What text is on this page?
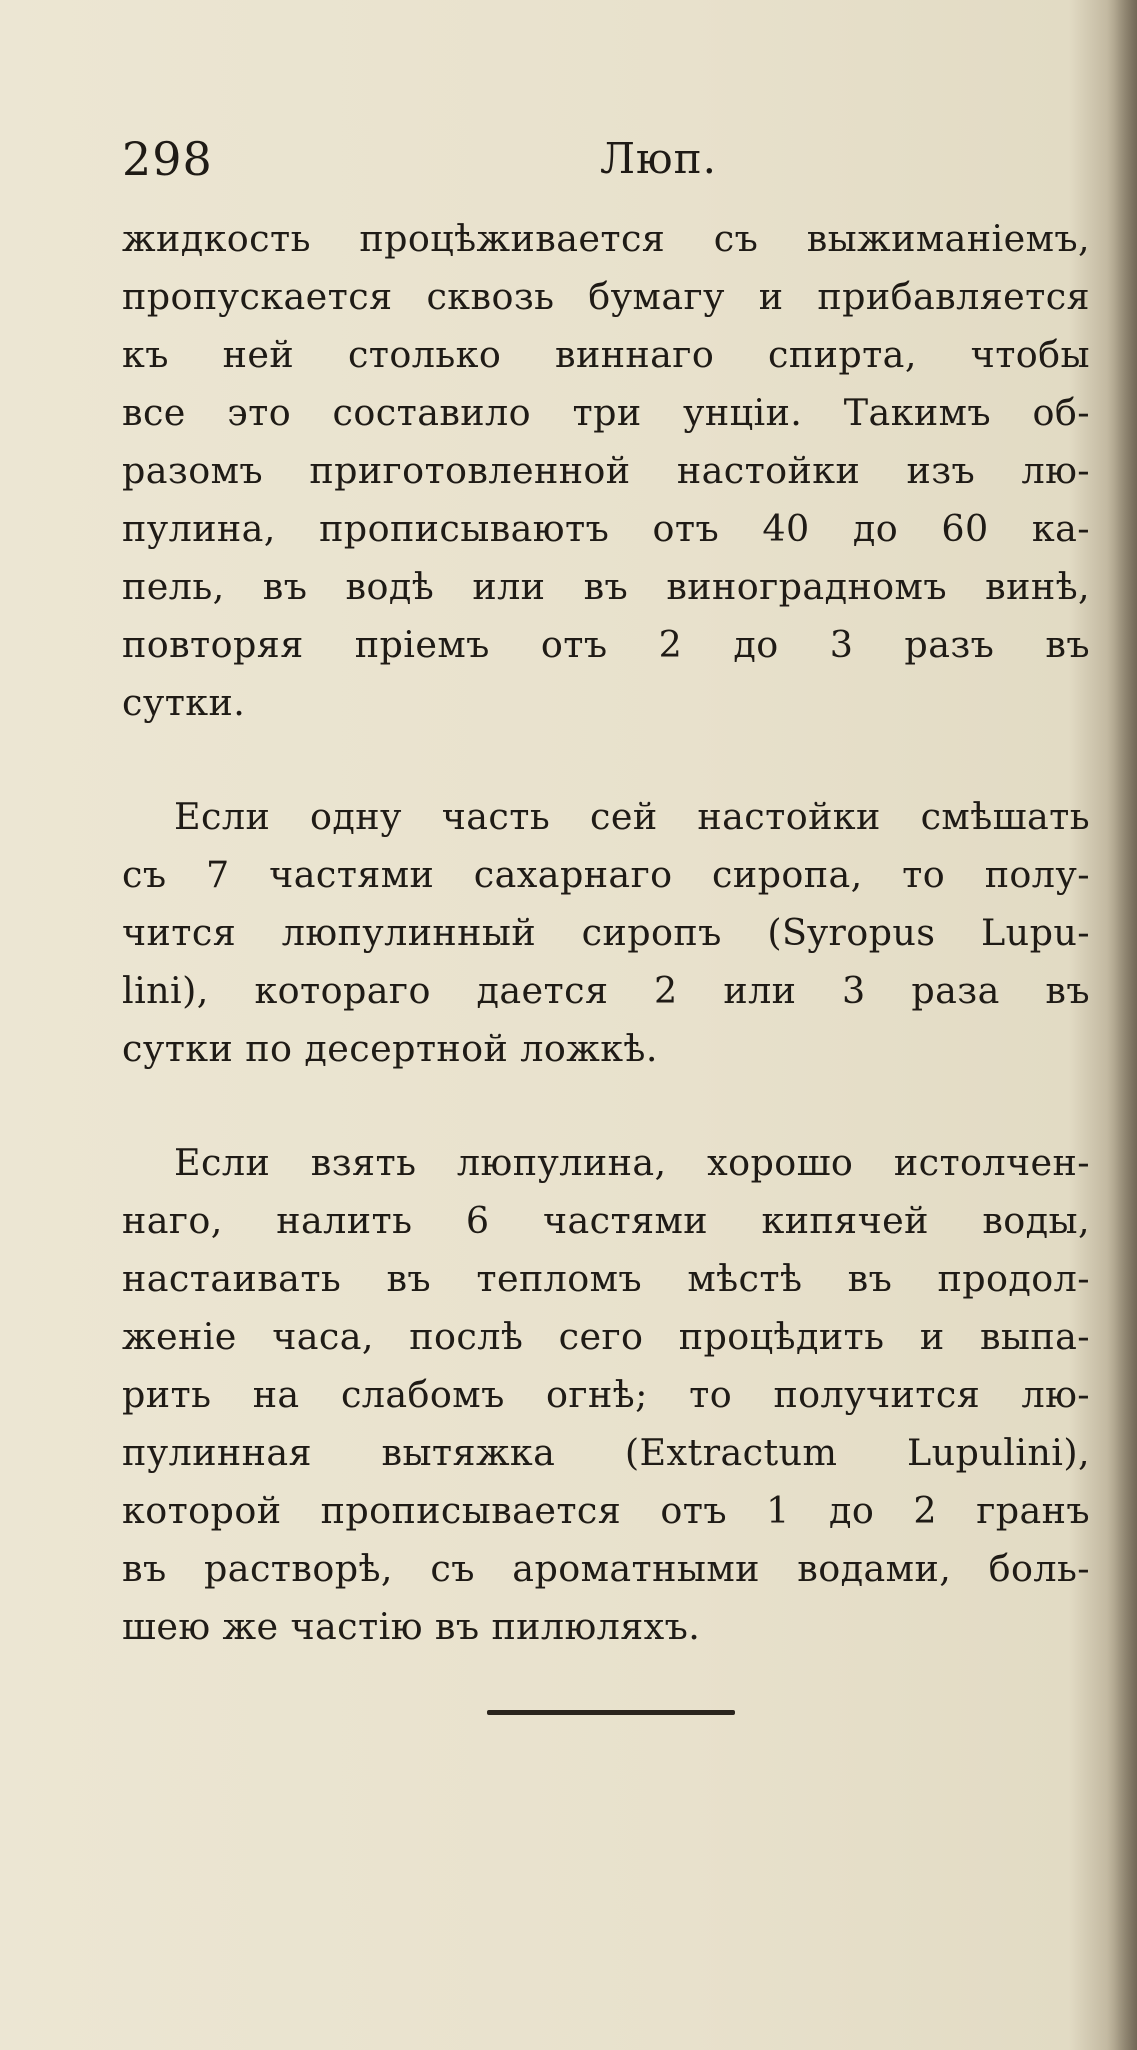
298	Люп.
жидкость процѣживается съ выжиманіемъ,
пропускается сквозь бумагу и прибавляется
къ ней столько виннаго спирта, чтобы
все это составило три унціи. Такимъ об-
разомъ приготовленной настойки изъ лю-
пулина, прописываютъ отъ 40 до 60 ка-
пель, въ водѣ или въ виноградномъ винѣ,
повторяя пріемъ отъ 2 до 3 разъ въ
сутки.
Если одну часть сей настойки смѣшать
съ 7 частями сахарнаго сиропа, то полу-
чится люпулинный сиропъ (Syropus Lupu-
lini), котораго дается 2 или 3 раза въ
сутки по десертной ложкѣ.
Если взять люпулина, хорошо истолчен-
наго, налить 6 частями кипячей воды,
настаивать въ тепломъ мѣстѣ въ продол-
женіе часа, послѣ сего процѣдить и выпа-
рить на слабомъ огнѣ; то получится лю-
пулинная вытяжка (Extractum Lupulini),
которой прописывается отъ 1 до 2 гранъ
въ растворѣ, съ ароматными водами, боль-
шею же частію въ пилюляхъ.
